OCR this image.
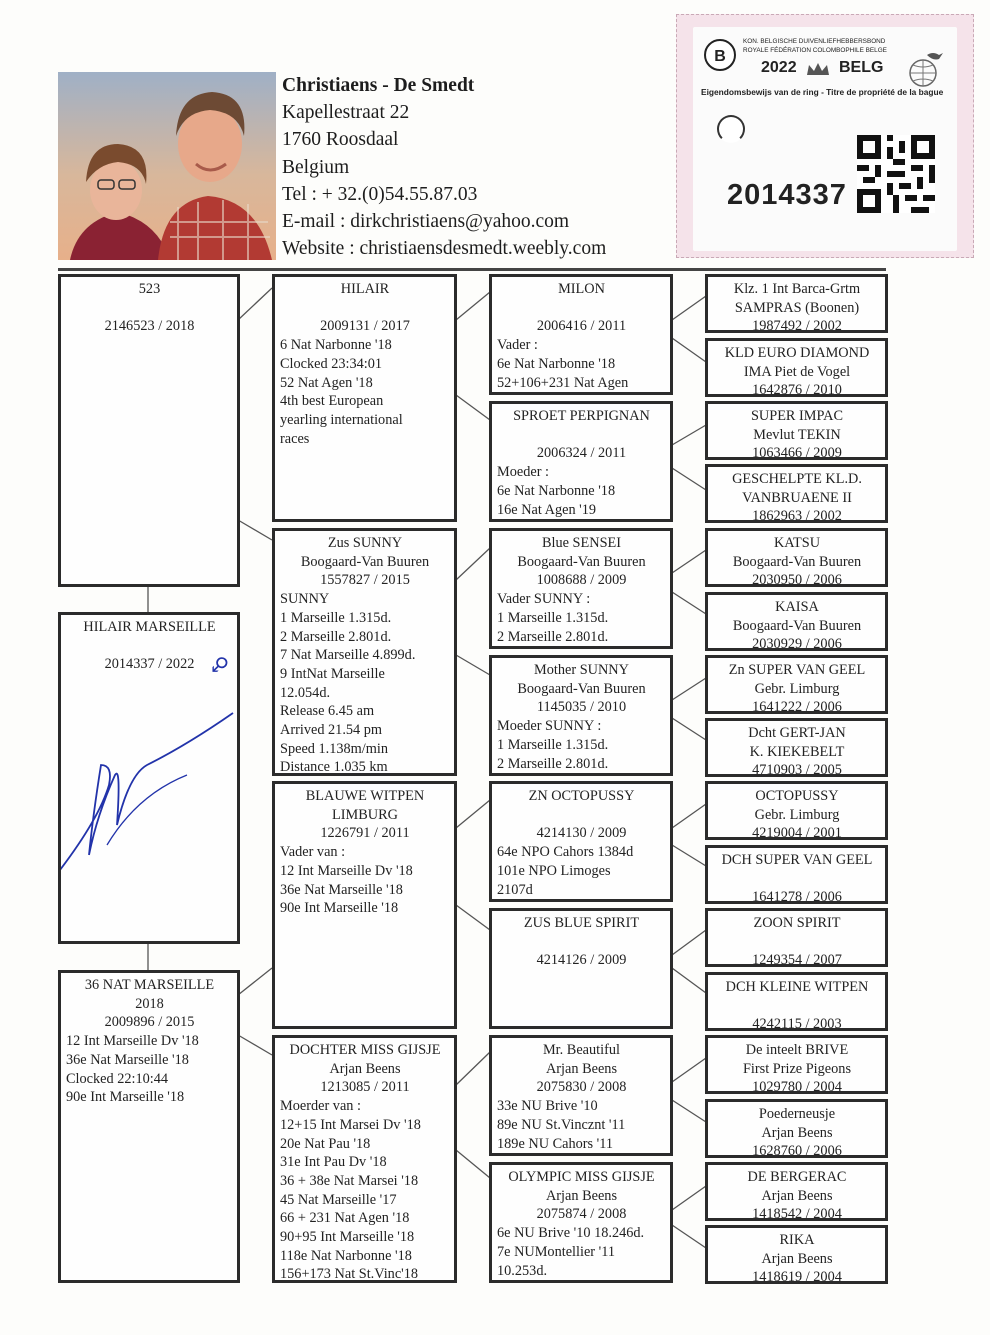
Christiaens - De Smedt
Kapellestraat 22
1760 Roosdaal
Belgium
Tel : + 32.(0)54.55.87.03
E-mail : dirkchristiaens@yahoo.com
Website : christiaensdesmedt.weebly.com
B
KON. BELGISCHE DUIVENLIEFHEBBERSBOND
ROYALE FÉDÉRATION COLOMBOPHILE BELGE
2022	BELG
Eigendomsbewijs van de ring - Titre de propriété de la bague
2014337
523
2146523 / 2018
HILAIR MARSEILLE
2014337 / 2022 ♂
36 NAT MARSEILLE
2018
2009896 / 2015
12 Int Marseille Dv '18
36e Nat Marseille '18
Clocked 22:10:44
90e Int Marseille '18
HILAIR
2009131 / 2017
6 Nat Narbonne '18
Clocked 23:34:01
52 Nat Agen '18
4th best European
yearling international
races
Zus SUNNY
Boogaard-Van Buuren
1557827 / 2015
SUNNY
1 Marseille 1.315d.
2 Marseille 2.801d.
7 Nat Marseille 4.899d.
9 IntNat Marseille
12.054d.
Release 6.45 am
Arrived 21.54 pm
Speed 1.138m/min
Distance 1.035 km
BLAUWE WITPEN
LIMBURG
1226791 / 2011
Vader van :
12 Int Marseille Dv '18
36e Nat Marseille '18
90e Int Marseille '18
DOCHTER MISS GIJSJE
Arjan Beens
1213085 / 2011
Moerder van :
12+15 Int Marsei Dv '18
20e Nat Pau '18
31e Int Pau Dv '18
36 + 38e Nat Marsei '18
45 Nat Marseille '17
66 + 231 Nat Agen '18
90+95 Int Marseille '18
118e Nat Narbonne '18
156+173 Nat St.Vinc'18
MILON
2006416 / 2011
Vader :
6e Nat Narbonne '18
52+106+231 Nat Agen
SPROET PERPIGNAN
2006324 / 2011
Moeder :
6e Nat Narbonne '18
16e Nat Agen '19
Blue SENSEI
Boogaard-Van Buuren
1008688 / 2009
Vader SUNNY :
1 Marseille 1.315d.
2 Marseille 2.801d.
Mother SUNNY
Boogaard-Van Buuren
1145035 / 2010
Moeder SUNNY :
1 Marseille 1.315d.
2 Marseille 2.801d.
ZN OCTOPUSSY
4214130 / 2009
64e NPO Cahors 1384d
101e NPO Limoges
2107d
ZUS BLUE SPIRIT
4214126 / 2009
Mr. Beautiful
Arjan Beens
2075830 / 2008
33e NU Brive '10
89e NU St.Vincznt '11
189e NU Cahors '11
OLYMPIC MISS GIJSJE
Arjan Beens
2075874 / 2008
6e NU Brive '10 18.246d.
7e NUMontellier '11
10.253d.
Klz. 1 Int Barca-Grtm
SAMPRAS (Boonen)
1987492 / 2002
KLD EURO DIAMOND
IMA Piet de Vogel
1642876 / 2010
SUPER IMPAC
Mevlut TEKIN
1063466 / 2009
GESCHELPTE KL.D.
VANBRUAENE II
1862963 / 2002
KATSU
Boogaard-Van Buuren
2030950 / 2006
KAISA
Boogaard-Van Buuren
2030929 / 2006
Zn SUPER VAN GEEL
Gebr. Limburg
1641222 / 2006
Dcht GERT-JAN
K. KIEKEBELT
4710903 / 2005
OCTOPUSSY
Gebr. Limburg
4219004 / 2001
DCH SUPER VAN GEEL
1641278 / 2006
ZOON SPIRIT
1249354 / 2007
DCH KLEINE WITPEN
4242115 / 2003
De inteelt BRIVE
First Prize Pigeons
1029780 / 2004
Poederneusje
Arjan Beens
1628760 / 2006
DE BERGERAC
Arjan Beens
1418542 / 2004
RIKA
Arjan Beens
1418619 / 2004
